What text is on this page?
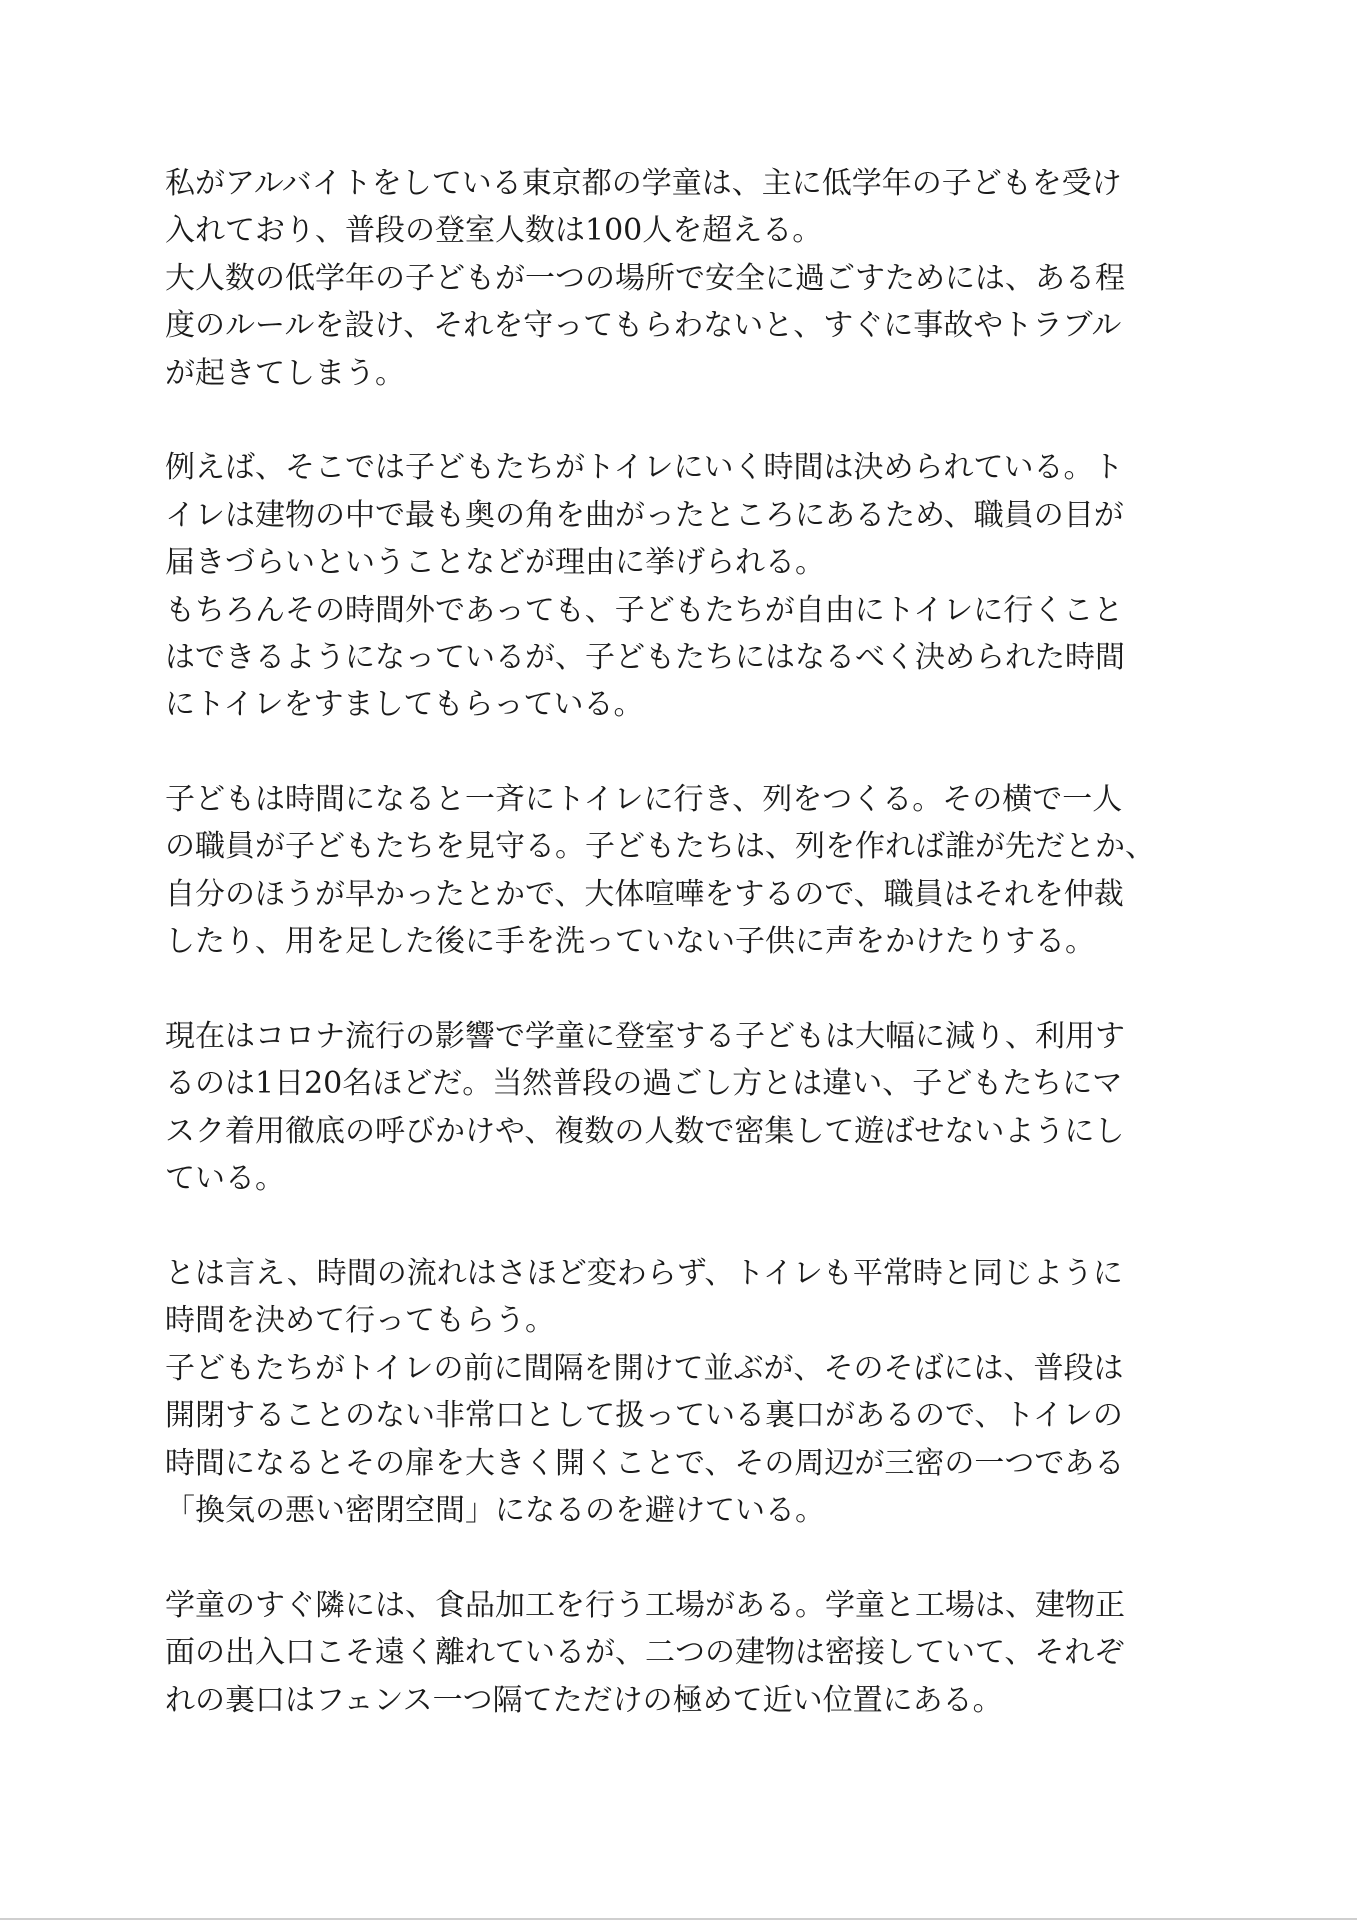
私がアルバイトをしている東京都の学童は、主に低学年の子どもを受け
入れており、普段の登室人数は100人を超える。
大人数の低学年の子どもが一つの場所で安全に過ごすためには、ある程
度のルールを設け、それを守ってもらわないと、すぐに事故やトラブル
が起きてしまう。
例えば、そこでは子どもたちがトイレにいく時間は決められている。ト
イレは建物の中で最も奥の角を曲がったところにあるため、職員の目が
届きづらいということなどが理由に挙げられる。
もちろんその時間外であっても、子どもたちが自由にトイレに行くこと
はできるようになっているが、子どもたちにはなるべく決められた時間
にトイレをすましてもらっている。
子どもは時間になると一斉にトイレに行き、列をつくる。その横で一人
の職員が子どもたちを見守る。子どもたちは、列を作れば誰が先だとか、
自分のほうが早かったとかで、大体喧嘩をするので、職員はそれを仲裁
したり、用を足した後に手を洗っていない子供に声をかけたりする。
現在はコロナ流行の影響で学童に登室する子どもは大幅に減り、利用す
るのは1日20名ほどだ。当然普段の過ごし方とは違い、子どもたちにマ
スク着用徹底の呼びかけや、複数の人数で密集して遊ばせないようにし
ている。
とは言え、時間の流れはさほど変わらず、トイレも平常時と同じように
時間を決めて行ってもらう。
子どもたちがトイレの前に間隔を開けて並ぶが、そのそばには、普段は
開閉することのない非常口として扱っている裏口があるので、トイレの
時間になるとその扉を大きく開くことで、その周辺が三密の一つである
「換気の悪い密閉空間」になるのを避けている。
学童のすぐ隣には、食品加工を行う工場がある。学童と工場は、建物正
面の出入口こそ遠く離れているが、二つの建物は密接していて、それぞ
れの裏口はフェンス一つ隔てただけの極めて近い位置にある。
